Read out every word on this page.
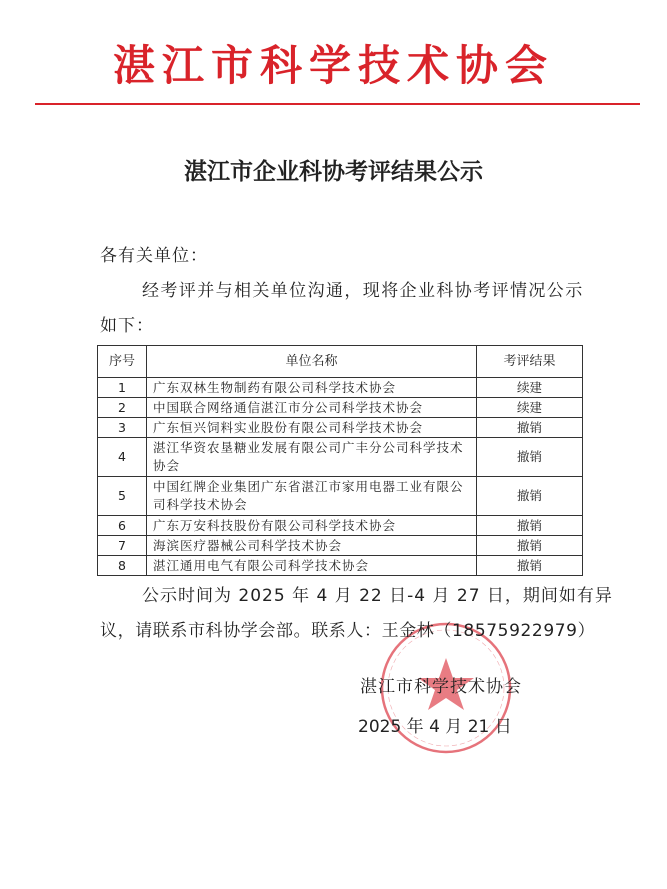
湛江市科学技术协会
湛江市企业科协考评结果公示
各有关单位：
经考评并与相关单位沟通，现将企业科协考评情况公示
如下：
序号	单位名称	考评结果
1	广东双林生物制药有限公司科学技术协会	续建
2	中国联合网络通信湛江市分公司科学技术协会	续建
3	广东恒兴饲料实业股份有限公司科学技术协会	撤销
4	湛江华资农垦糖业发展有限公司广丰分公司科学技术协会	撤销
5	中国红牌企业集团广东省湛江市家用电器工业有限公司科学技术协会	撤销
6	广东万安科技股份有限公司科学技术协会	撤销
7	海滨医疗器械公司科学技术协会	撤销
8	湛江通用电气有限公司科学技术协会	撤销
公示时间为 2025 年 4 月 22 日-4 月 27 日，期间如有异
议，请联系市科协学会部。联系人：王金林（18575922979）
湛江市科学技术协会
2025 年 4 月 21 日
